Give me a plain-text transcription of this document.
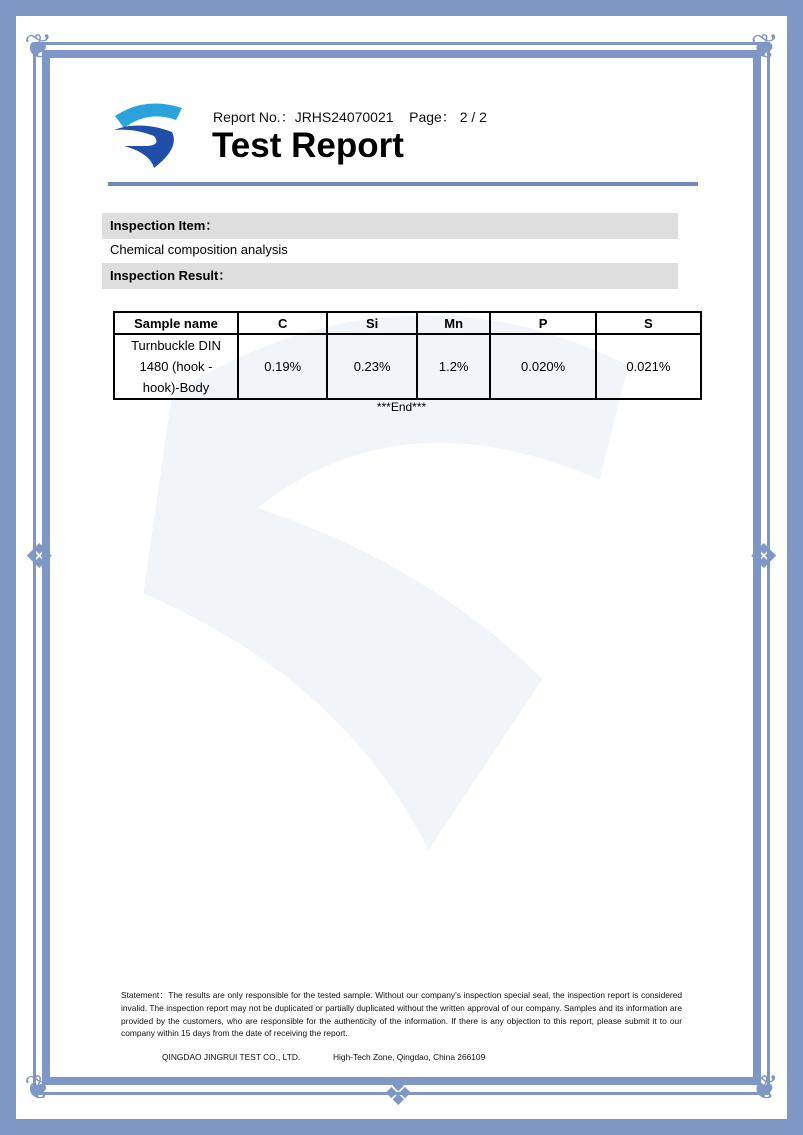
❦	❦
❦	❦
❖	❖
❖
Report No.：JRHS24070021 Page： 2 / 2
Test Report
Inspection Item：
Chemical composition analysis
Inspection Result：
Sample name	C	Si	Mn	P	S
Turnbuckle DIN 1480 (hook - hook)-Body	0.19%	0.23%	1.2%	0.020%	0.021%
***End***
Statement：The results are only responsible for the tested sample. Without our company's inspection special seal, the inspection report is considered invalid. The inspection report may not be duplicated or partially duplicated without the written approval of our company. Samples and its information are provided by the customers, who are responsible for the authenticity of the information. If there is any objection to this report, please submit it to our company within 15 days from the date of receiving the report.
QINGDAO JINGRUI TEST CO., LTD.	High-Tech Zone, Qingdao, China 266109
